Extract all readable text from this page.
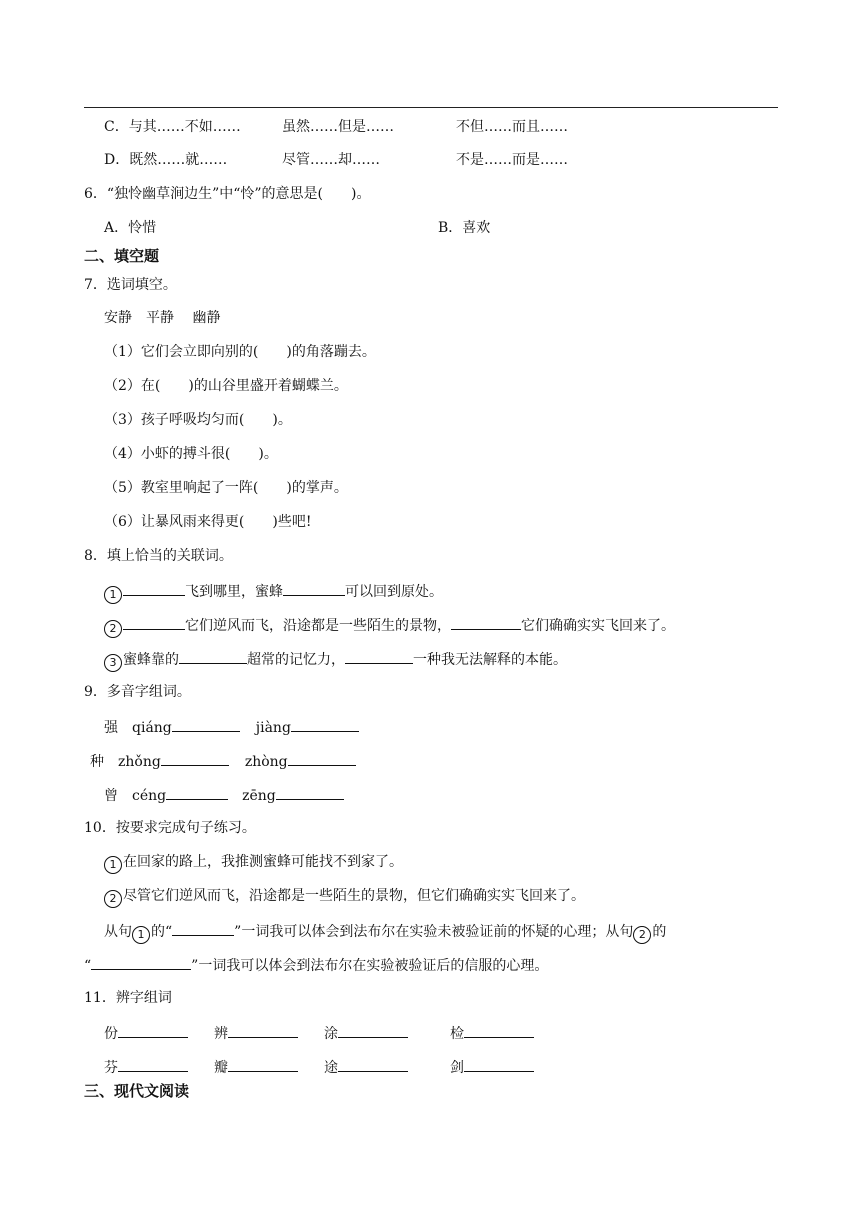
C．与其……不如……	虽然……但是……	不但……而且……
D．既然……就……	尽管……却……	不是……而是……
6．“独怜幽草涧边生”中“怜”的意思是(　　)。
A．怜惜	B．喜欢
二、填空题
7．选词填空。
安静　平静　 幽静
（1）它们会立即向别的(　　)的角落蹦去。
（2）在(　　)的山谷里盛开着蝴蝶兰。
（3）孩子呼吸均匀而(　　)。
（4）小虾的搏斗很(　　)。
（5）教室里响起了一阵(　　)的掌声。
（6）让暴风雨来得更(　　)些吧!
8．填上恰当的关联词。
1	飞到哪里，蜜蜂	可以回到原处。
2	它们逆风而飞，沿途都是一些陌生的景物，	它们确确实实飞回来了。
3 蜜蜂靠的	超常的记忆力，	一种我无法解释的本能。
9．多音字组词。
强 qiáng	jiàng
种 zhǒng	zhòng
曾 céng	zēng
10．按要求完成句子练习。
1 在回家的路上，我推测蜜蜂可能找不到家了。
2 尽管它们逆风而飞，沿途都是一些陌生的景物，但它们确确实实飞回来了。
从句 1 的“	”一词我可以体会到法布尔在实验未被验证前的怀疑的心理；从句 2 的
“	”一词我可以体会到法布尔在实验被验证后的信服的心理。
11．辨字组词
份	辨	涂	检
芬	瓣	途	剑
三、现代文阅读
